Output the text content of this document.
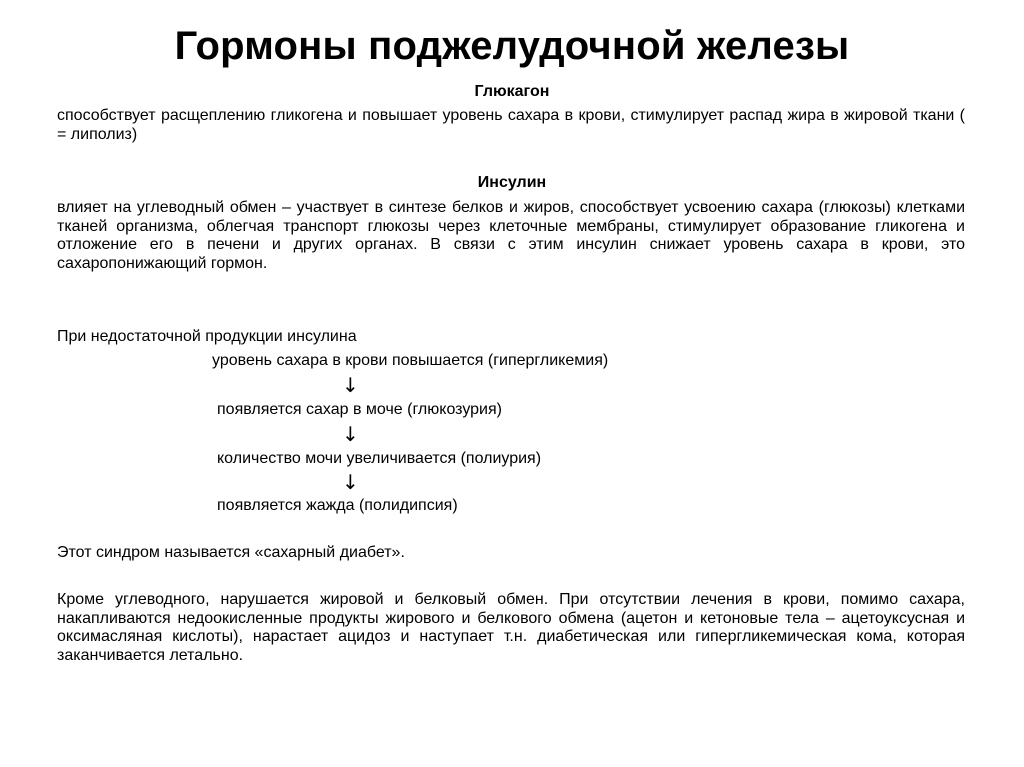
Гормоны поджелудочной железы
Глюкагон
способствует расщеплению гликогена и повышает уровень сахара в крови, стимулирует распад жира в жировой ткани ( = липолиз)
Инсулин
влияет на углеводный обмен – участвует в синтезе белков и жиров, способствует усвоению сахара (глюкозы) клетками тканей организма, облегчая транспорт глюкозы через клеточные мембраны, стимулирует образование гликогена и отложение его в печени и других органах. В связи с этим инсулин снижает уровень сахара в крови, это сахаропонижающий гормон.
При недостаточной продукции инсулина
уровень сахара в крови повышается (гипергликемия)
↓
появляется сахар в моче (глюкозурия)
↓
количество мочи увеличивается (полиурия)
↓
появляется жажда (полидипсия)
Этот синдром называется «сахарный диабет».
Кроме углеводного, нарушается жировой и белковый обмен. При отсутствии лечения в крови, помимо сахара, накапливаются недоокисленные продукты жирового и белкового обмена (ацетон и кетоновые тела – ацетоуксусная и оксимасляная кислоты), нарастает ацидоз и наступает т.н. диабетическая или гипергликемическая кома, которая заканчивается летально.
